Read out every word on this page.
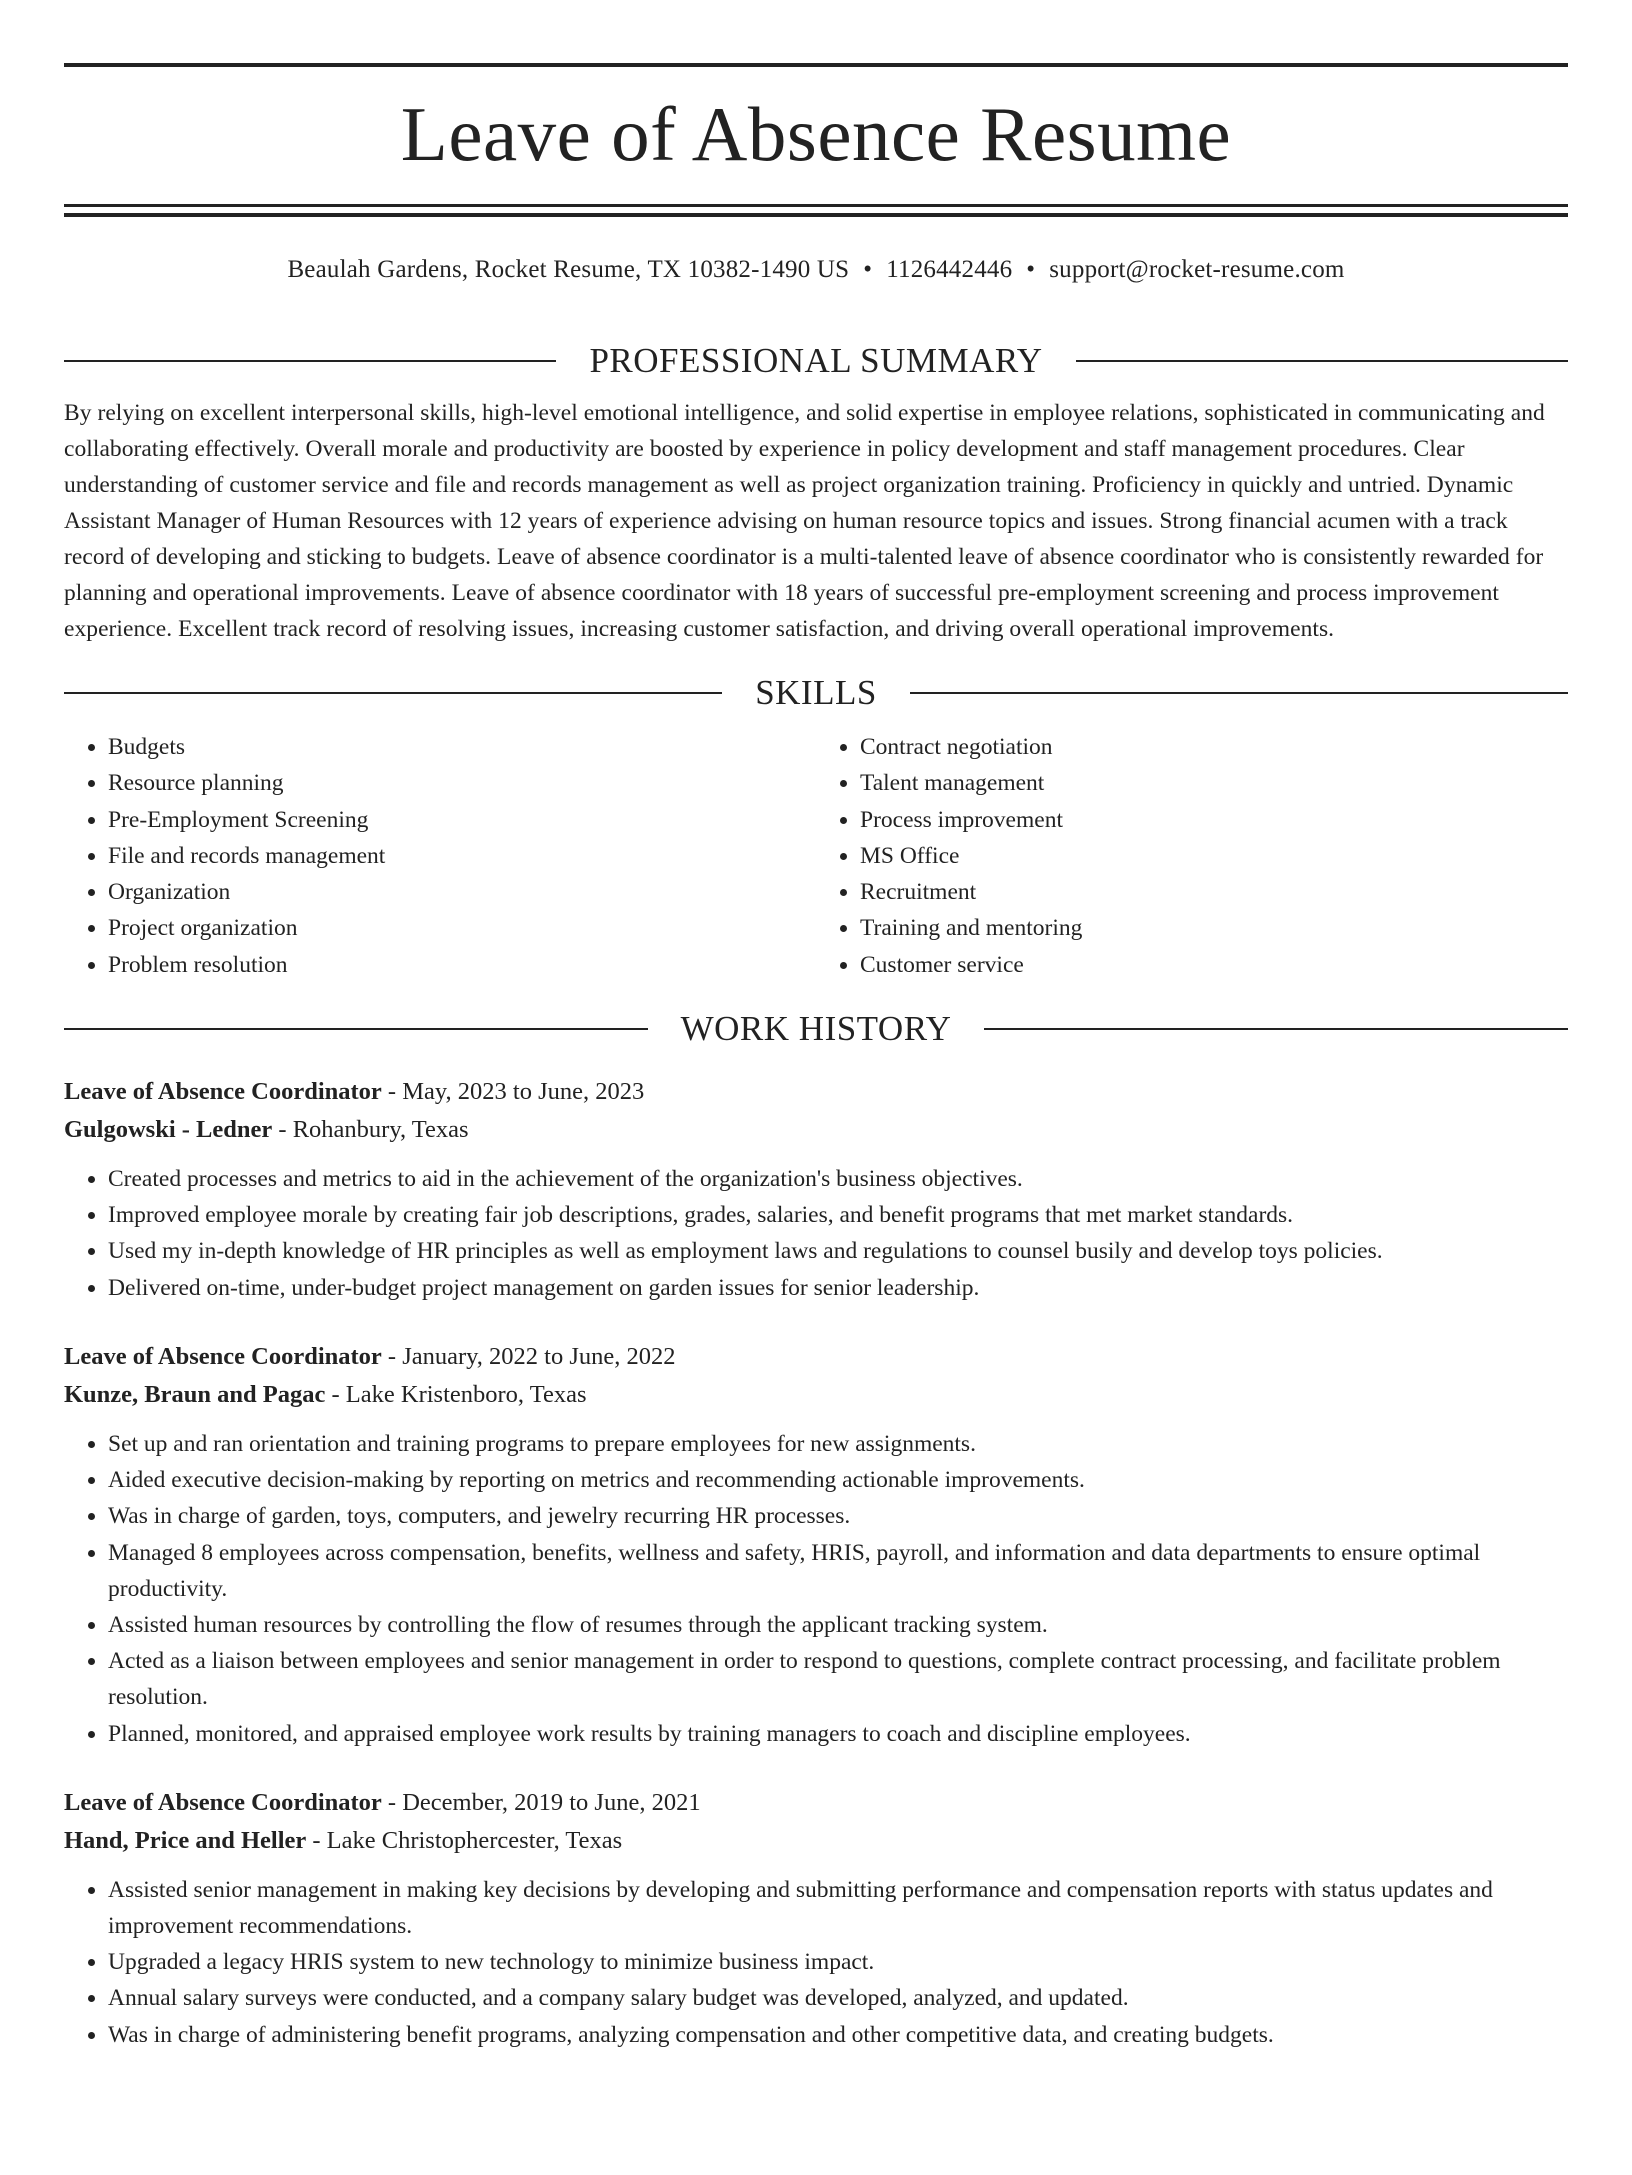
Leave of Absence Resume
Beaulah Gardens, Rocket Resume, TX 10382-1490 US • 1126442446 • support@rocket-resume.com
PROFESSIONAL SUMMARY

By relying on excellent interpersonal skills, high-level emotional intelligence, and solid expertise in employee relations, sophisticated in communicating and collaborating effectively. Overall morale and productivity are boosted by experience in policy development and staff management procedures. Clear understanding of customer service and file and records management as well as project organization training. Proficiency in quickly and untried. Dynamic Assistant Manager of Human Resources with 12 years of experience advising on human resource topics and issues. Strong financial acumen with a track record of developing and sticking to budgets. Leave of absence coordinator is a multi-talented leave of absence coordinator who is consistently rewarded for planning and operational improvements. Leave of absence coordinator with 18 years of successful pre-employment screening and process improvement experience. Excellent track record of resolving issues, increasing customer satisfaction, and driving overall operational improvements.

SKILLS
• Budgets
• Resource planning
• Pre-Employment Screening
• File and records management
• Organization
• Project organization
• Problem resolution
• Contract negotiation
• Talent management
• Process improvement
• MS Office
• Recruitment
• Training and mentoring
• Customer service
WORK HISTORY
Leave of Absence Coordinator - May, 2023 to June, 2023
Gulgowski - Ledner - Rohanbury, Texas
• Created processes and metrics to aid in the achievement of the organization's business objectives.
• Improved employee morale by creating fair job descriptions, grades, salaries, and benefit programs that met market standards.
• Used my in-depth knowledge of HR principles as well as employment laws and regulations to counsel busily and develop toys policies.
• Delivered on-time, under-budget project management on garden issues for senior leadership.
Leave of Absence Coordinator - January, 2022 to June, 2022
Kunze, Braun and Pagac - Lake Kristenboro, Texas
• Set up and ran orientation and training programs to prepare employees for new assignments.
• Aided executive decision-making by reporting on metrics and recommending actionable improvements.
• Was in charge of garden, toys, computers, and jewelry recurring HR processes.
• Managed 8 employees across compensation, benefits, wellness and safety, HRIS, payroll, and information and data departments to ensure optimal productivity.
• Assisted human resources by controlling the flow of resumes through the applicant tracking system.
• Acted as a liaison between employees and senior management in order to respond to questions, complete contract processing, and facilitate problem resolution.
• Planned, monitored, and appraised employee work results by training managers to coach and discipline employees.
Leave of Absence Coordinator - December, 2019 to June, 2021
Hand, Price and Heller - Lake Christophercester, Texas
• Assisted senior management in making key decisions by developing and submitting performance and compensation reports with status updates and improvement recommendations.
• Upgraded a legacy HRIS system to new technology to minimize business impact.
• Annual salary surveys were conducted, and a company salary budget was developed, analyzed, and updated.
• Was in charge of administering benefit programs, analyzing compensation and other competitive data, and creating budgets.
